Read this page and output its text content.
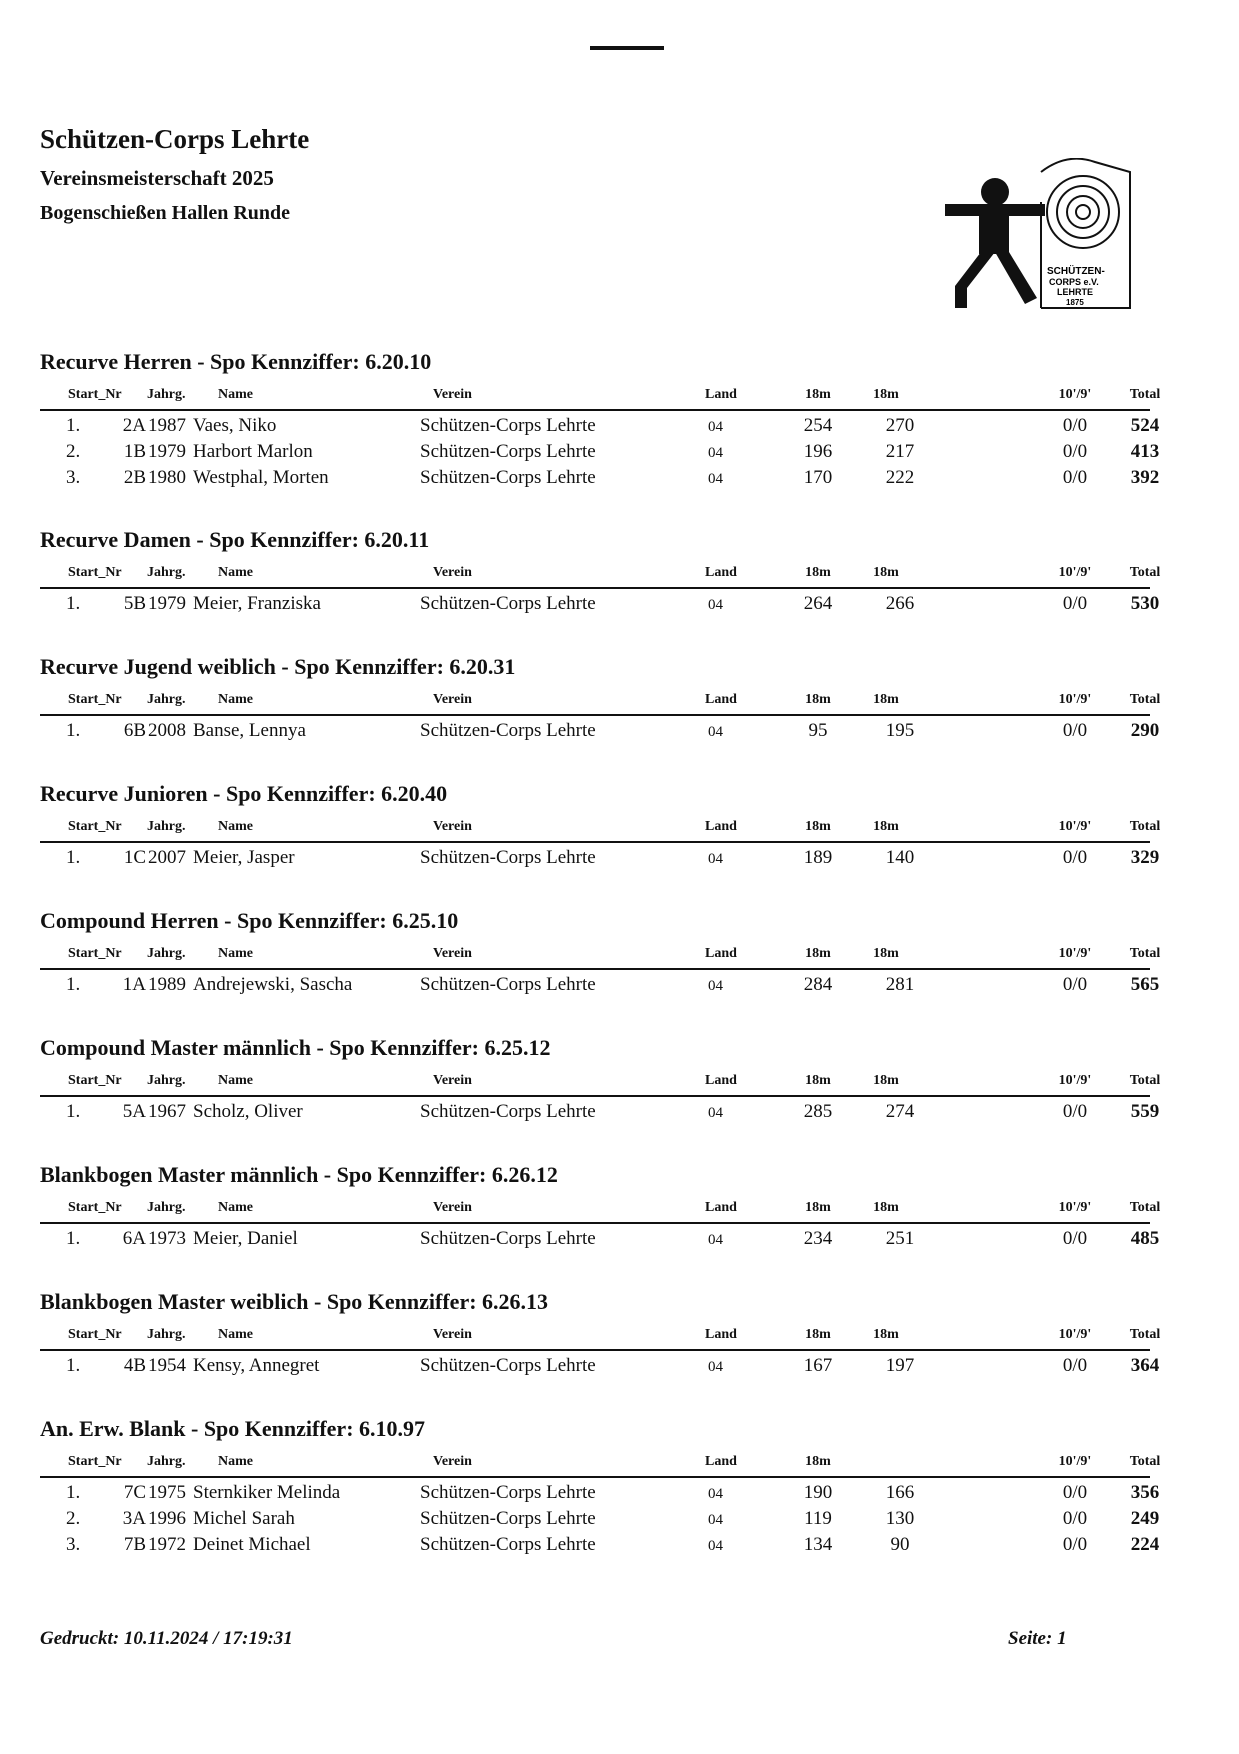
Schützen-Corps Lehrte
Vereinsmeisterschaft 2025
Bogenschießen Hallen Runde
SCHÜTZEN-
CORPS e.V.
LEHRTE
1875
Recurve Herren - Spo Kennziffer: 6.20.10
Start_Nr Jahrg. Name	Verein	Land	18m	18m	10'/9'	Total
1.	2A 1987 Vaes, Niko	Schützen-Corps Lehrte	04	254	270	0/0	524
2.	1B 1979 Harbort Marlon	Schützen-Corps Lehrte	04	196	217	0/0	413
3.	2B 1980 Westphal, Morten	Schützen-Corps Lehrte	04	170	222	0/0	392
Recurve Damen - Spo Kennziffer: 6.20.11
Start_Nr Jahrg. Name	Verein	Land	18m	18m	10'/9'	Total
1.	5B 1979 Meier, Franziska	Schützen-Corps Lehrte	04	264	266	0/0	530
Recurve Jugend weiblich - Spo Kennziffer: 6.20.31
Start_Nr Jahrg. Name	Verein	Land	18m	18m	10'/9'	Total
1.	6B 2008 Banse, Lennya	Schützen-Corps Lehrte	04	95	195	0/0	290
Recurve Junioren - Spo Kennziffer: 6.20.40
Start_Nr Jahrg. Name	Verein	Land	18m	18m	10'/9'	Total
1.	1C 2007 Meier, Jasper	Schützen-Corps Lehrte	04	189	140	0/0	329
Compound Herren - Spo Kennziffer: 6.25.10
Start_Nr Jahrg. Name	Verein	Land	18m	18m	10'/9'	Total
1.	1A 1989 Andrejewski, Sascha	Schützen-Corps Lehrte	04	284	281	0/0	565
Compound Master männlich - Spo Kennziffer: 6.25.12
Start_Nr Jahrg. Name	Verein	Land	18m	18m	10'/9'	Total
1.	5A 1967 Scholz, Oliver	Schützen-Corps Lehrte	04	285	274	0/0	559
Blankbogen Master männlich - Spo Kennziffer: 6.26.12
Start_Nr Jahrg. Name	Verein	Land	18m	18m	10'/9'	Total
1.	6A 1973 Meier, Daniel	Schützen-Corps Lehrte	04	234	251	0/0	485
Blankbogen Master weiblich - Spo Kennziffer: 6.26.13
Start_Nr Jahrg. Name	Verein	Land	18m	18m	10'/9'	Total
1.	4B 1954 Kensy, Annegret	Schützen-Corps Lehrte	04	167	197	0/0	364
An. Erw. Blank - Spo Kennziffer: 6.10.97
Start_Nr Jahrg. Name	Verein	Land	18m	10'/9'	Total
1.	7C 1975 Sternkiker Melinda	Schützen-Corps Lehrte	04	190	166	0/0	356
2.	3A 1996 Michel Sarah	Schützen-Corps Lehrte	04	119	130	0/0	249
3.	7B 1972 Deinet Michael	Schützen-Corps Lehrte	04	134	90	0/0	224
Gedruckt: 10.11.2024 / 17:19:31	Seite: 1
